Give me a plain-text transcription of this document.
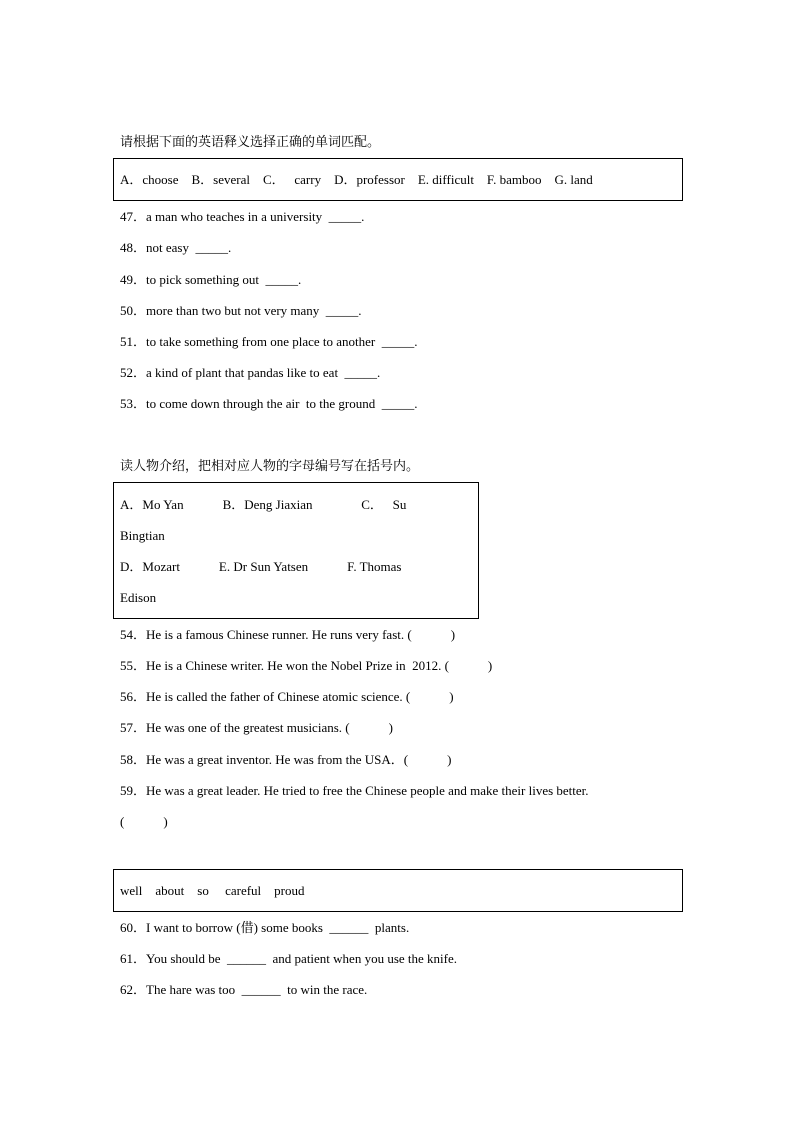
请根据下面的英语释义选择正确的单词匹配。
A．choose    B．several    C．   carry    D．professor    E. difficult    F. bamboo    G. land
47．a man who teaches in a university  _____.
48．not easy  _____.
49．to pick something out  _____.
50．more than two but not very many  _____.
51．to take something from one place to another  _____.
52．a kind of plant that pandas like to eat  _____.
53．to come down through the air  to the ground  _____.
读人物介绍，把相对应人物的字母编号写在括号内。
A．Mo Yan            B．Deng Jiaxian               C．   Su
Bingtian
D．Mozart            E. Dr Sun Yatsen            F. Thomas
Edison
54．He is a famous Chinese runner. He runs very fast. (            )
55．He is a Chinese writer. He won the Nobel Prize in  2012. (            )
56．He is called the father of Chinese atomic science. (            )
57．He was one of the greatest musicians. (            )
58．He was a great inventor. He was from the USA．(            )
59．He was a great leader. He tried to free the Chinese people and make their lives better.
(            )
well    about    so     careful    proud
60．I want to borrow (借) some books  ______  plants.
61．You should be  ______  and patient when you use the knife.
62．The hare was too  ______  to win the race.
